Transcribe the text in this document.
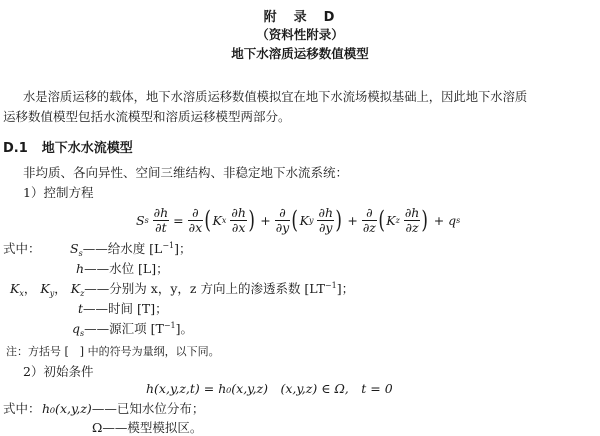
附　录　D
（资料性附录）
地下水溶质运移数值模型
水是溶质运移的载体，地下水溶质运移数值模拟宜在地下水流场模拟基础上，因此地下水溶质
运移数值模型包括水流模型和溶质运移模型两部分。
D.1 地下水水流模型
非均质、各向异性、空间三维结构、非稳定地下水流系统：
1）控制方程
S s
$\frac{\partial h}{\partial t}$
=
$\frac{\partial}{\partial x}$ ( K x
$\frac{\partial h}{\partial x}$ )
+
$\frac{\partial}{\partial y}$ ( K y
$\frac{\partial h}{\partial y}$ )
+
$\frac{\partial}{\partial z}$ ( K z
$\frac{\partial h}{\partial z}$ )
+
q s
式中： $S_s——$给水度 $[L^{-1}]$；
h——水位 [L]；
$K_x$， $K_y$， $K_z——$分别为 x，y，z 方向上的渗透系数 $[LT^{-1}]$；
t——时间 [T]；
$q_s——$源汇项 $[T^{-1}]$。
注：方括号 [　] 中的符号为量纲，以下同。
2）初始条件
h(x,y,z,t) = h₀(x,y,z)　(x,y,z) ∈ Ω,　t = 0
式中： h₀(x,y,z)——已知水位分布；
Ω——模型模拟区。
